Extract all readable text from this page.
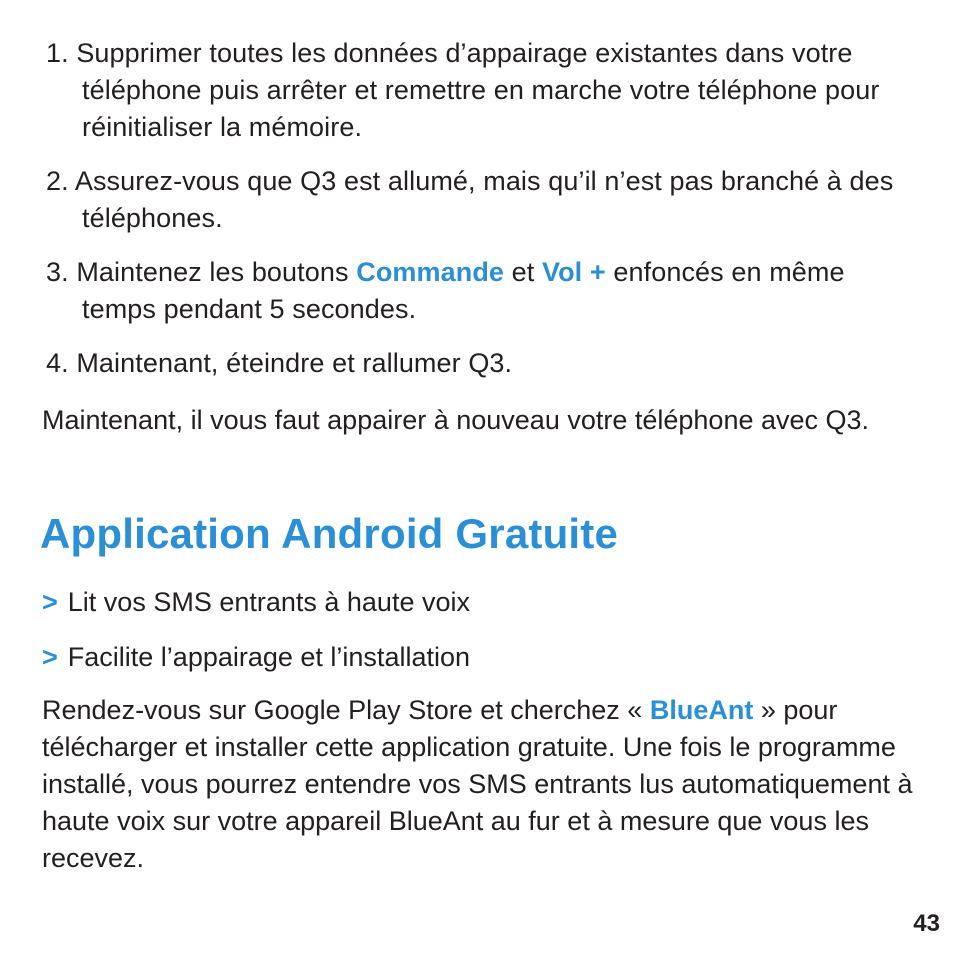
1. Supprimer toutes les données d’appairage existantes dans votre téléphone puis arrêter et remettre en marche votre téléphone pour réinitialiser la mémoire.
2. Assurez-vous que Q3 est allumé, mais qu’il n’est pas branché à des téléphones.
3. Maintenez les boutons Commande et Vol + enfoncés en même temps pendant 5 secondes.
4. Maintenant, éteindre et rallumer Q3.

Maintenant, il vous faut appairer à nouveau votre téléphone avec Q3.

Application Android Gratuite

> Lit vos SMS entrants à haute voix

> Facilite l’appairage et l’installation

Rendez-vous sur Google Play Store et cherchez « BlueAnt » pour télécharger et installer cette application gratuite. Une fois le programme installé, vous pourrez entendre vos SMS entrants lus automatiquement à haute voix sur votre appareil BlueAnt au fur et à mesure que vous les recevez.

43
